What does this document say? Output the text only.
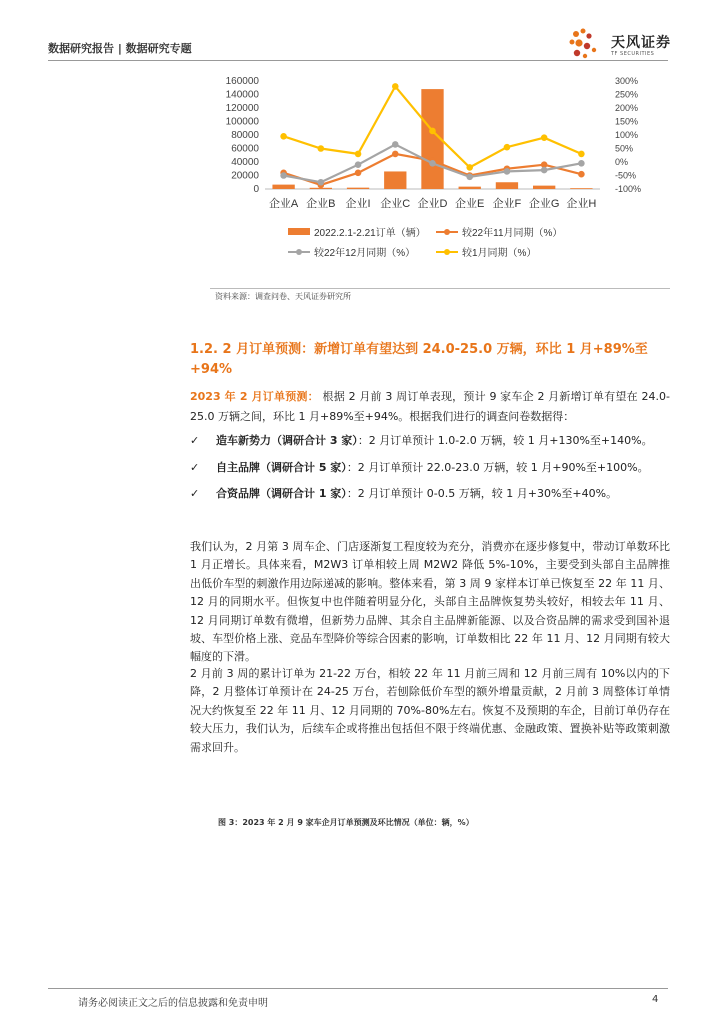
数据研究报告 | 数据研究专题	天风证券
TF SECURITIES
160000
140000
120000
100000
80000
60000
40000
20000
0
300%
250%
200%
150%
100%
50%
0%
-50%
-100%
企业A 企业B 企业I 企业C 企业D 企业E 企业F 企业G 企业H
2022.2.1-2.21订单（辆）	较22年11月同期（%）
较22年12月同期（%）	较1月同期（%）
资料来源：调查问卷、天风证券研究所
1.2. 2 月订单预测：新增订单有望达到 24.0-25.0 万辆，环比 1 月+89%至+94%
2023 年 2 月订单预测： 根据 2 月前 3 周订单表现，预计 9 家车企 2 月新增订单有望在 24.0-25.0 万辆之间，环比 1 月+89%至+94%。根据我们进行的调查问卷数据得：
✓ 造车新势力（调研合计 3 家）：2 月订单预计 1.0-2.0 万辆，较 1 月+130%至+140%。
✓ 自主品牌（调研合计 5 家）：2 月订单预计 22.0-23.0 万辆，较 1 月+90%至+100%。
✓ 合资品牌（调研合计 1 家）：2 月订单预计 0-0.5 万辆，较 1 月+30%至+40%。
我们认为，2 月第 3 周车企、门店逐渐复工程度较为充分，消费亦在逐步修复中，带动订单数环比 1 月正增长。具体来看，M2W3 订单相较上周 M2W2 降低 5%-10%，主要受到头部自主品牌推出低价车型的刺激作用边际递减的影响。整体来看，第 3 周 9 家样本订单已恢复至 22 年 11 月、12 月的同期水平。但恢复中也伴随着明显分化，头部自主品牌恢复势头较好，相较去年 11 月、12 月同期订单数有微增，但新势力品牌、其余自主品牌新能源、以及合资品牌的需求受到国补退坡、车型价格上涨、竞品车型降价等综合因素的影响，订单数相比 22 年 11 月、12 月同期有较大幅度的下滑。
2 月前 3 周的累计订单为 21-22 万台，相较 22 年 11 月前三周和 12 月前三周有 10%以内的下降，2 月整体订单预计在 24-25 万台，若刨除低价车型的额外增量贡献，2 月前 3 周整体订单情况大约恢复至 22 年 11 月、12 月同期的 70%-80%左右。恢复不及预期的车企，目前订单仍存在较大压力，我们认为，后续车企或将推出包括但不限于终端优惠、金融政策、置换补贴等政策刺激需求回升。
图 3：2023 年 2 月 9 家车企月订单预测及环比情况（单位：辆，%）
请务必阅读正文之后的信息披露和免责申明	4
